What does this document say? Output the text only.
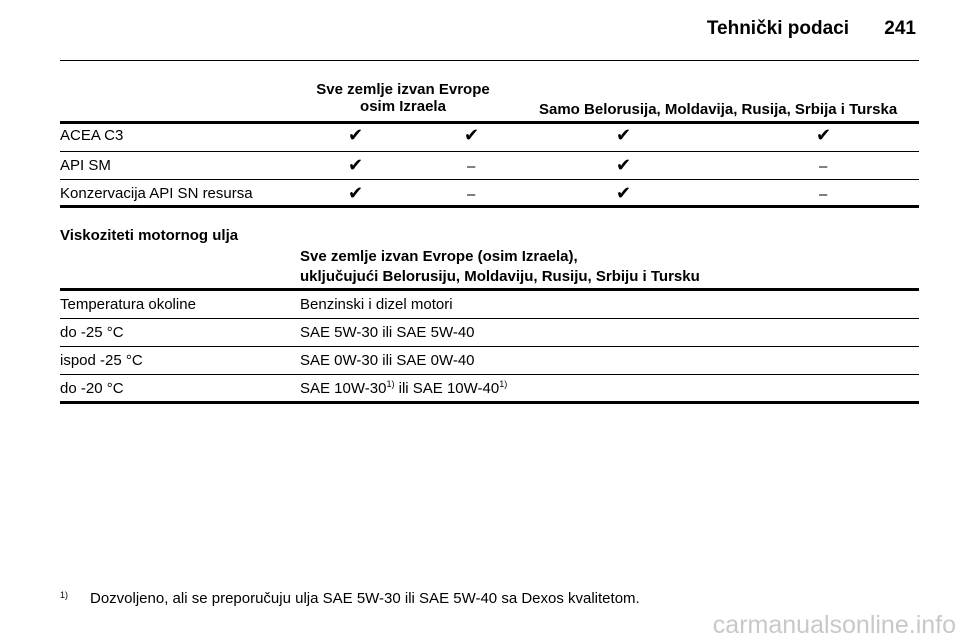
Tehnički podaci 241
Sve zemlje izvan Evrope
osim Izraela	Samo Belorusija, Moldavija, Rusija, Srbija i Turska
ACEA C3	✔	✔	✔	✔
API SM	✔	–	✔	–
Konzervacija API SN resursa	✔	–	✔	–
Viskoziteti motornog ulja
Sve zemlje izvan Evrope (osim Izraela),
uključujući Belorusiju, Moldaviju, Rusiju, Srbiju i Tursku
Temperatura okoline	Benzinski i dizel motori
do -25 °C	SAE 5W-30 ili SAE 5W-40
ispod -25 °C	SAE 0W-30 ili SAE 0W-40
do -20 °C	SAE 10W-30$^{1)}$ ili SAE 10W-40$^{1)}$
1) Dozvoljeno, ali se preporučuju ulja SAE 5W-30 ili SAE 5W-40 sa Dexos kvalitetom.
carmanualsonline.info
